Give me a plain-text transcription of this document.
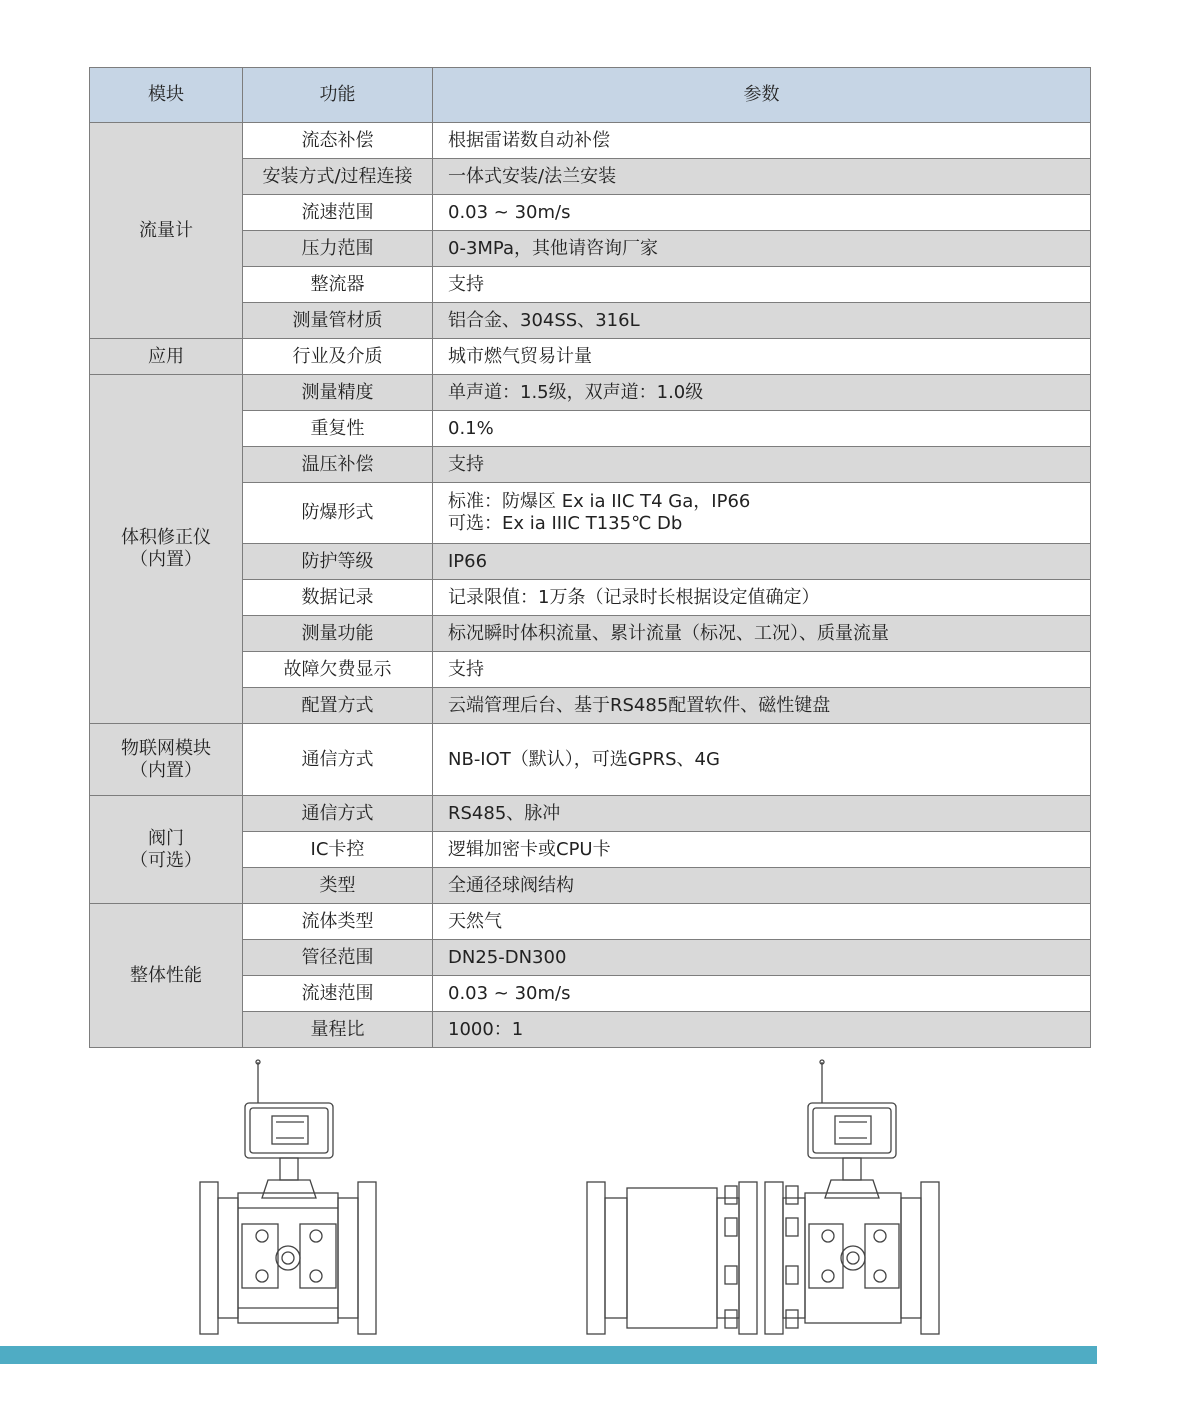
模块	功能	参数

流量计	流态补偿	根据雷诺数自动补偿

	安装方式/过程连接	一体式安装/法兰安装

	流速范围	0.03 ~ 30m/s

	压力范围	0-3MPa，其他请咨询厂家

	整流器	支持

	测量管材质	铝合金、304SS、316L

应用	行业及介质	城市燃气贸易计量

体积修正仪
（内置）	测量精度	单声道：1.5级，双声道：1.0级

	重复性	0.1%

	温压补偿	支持

	防爆形式	标准：防爆区 Ex ia IIC T4 Ga，IP66
可选：Ex ia IIIC T135℃ Db

	防护等级	IP66

	数据记录	记录限值：1万条（记录时长根据设定值确定）

	测量功能	标况瞬时体积流量、累计流量（标况、工况）、质量流量

	故障欠费显示	支持

	配置方式	云端管理后台、基于RS485配置软件、磁性键盘

物联网模块
（内置）	通信方式	NB-IOT（默认），可选GPRS、4G

阀门
（可选）	通信方式	RS485、脉冲

	IC卡控	逻辑加密卡或CPU卡

	类型	全通径球阀结构

整体性能	流体类型	天然气

	管径范围	DN25-DN300

	流速范围	0.03 ~ 30m/s

	量程比	1000：1
